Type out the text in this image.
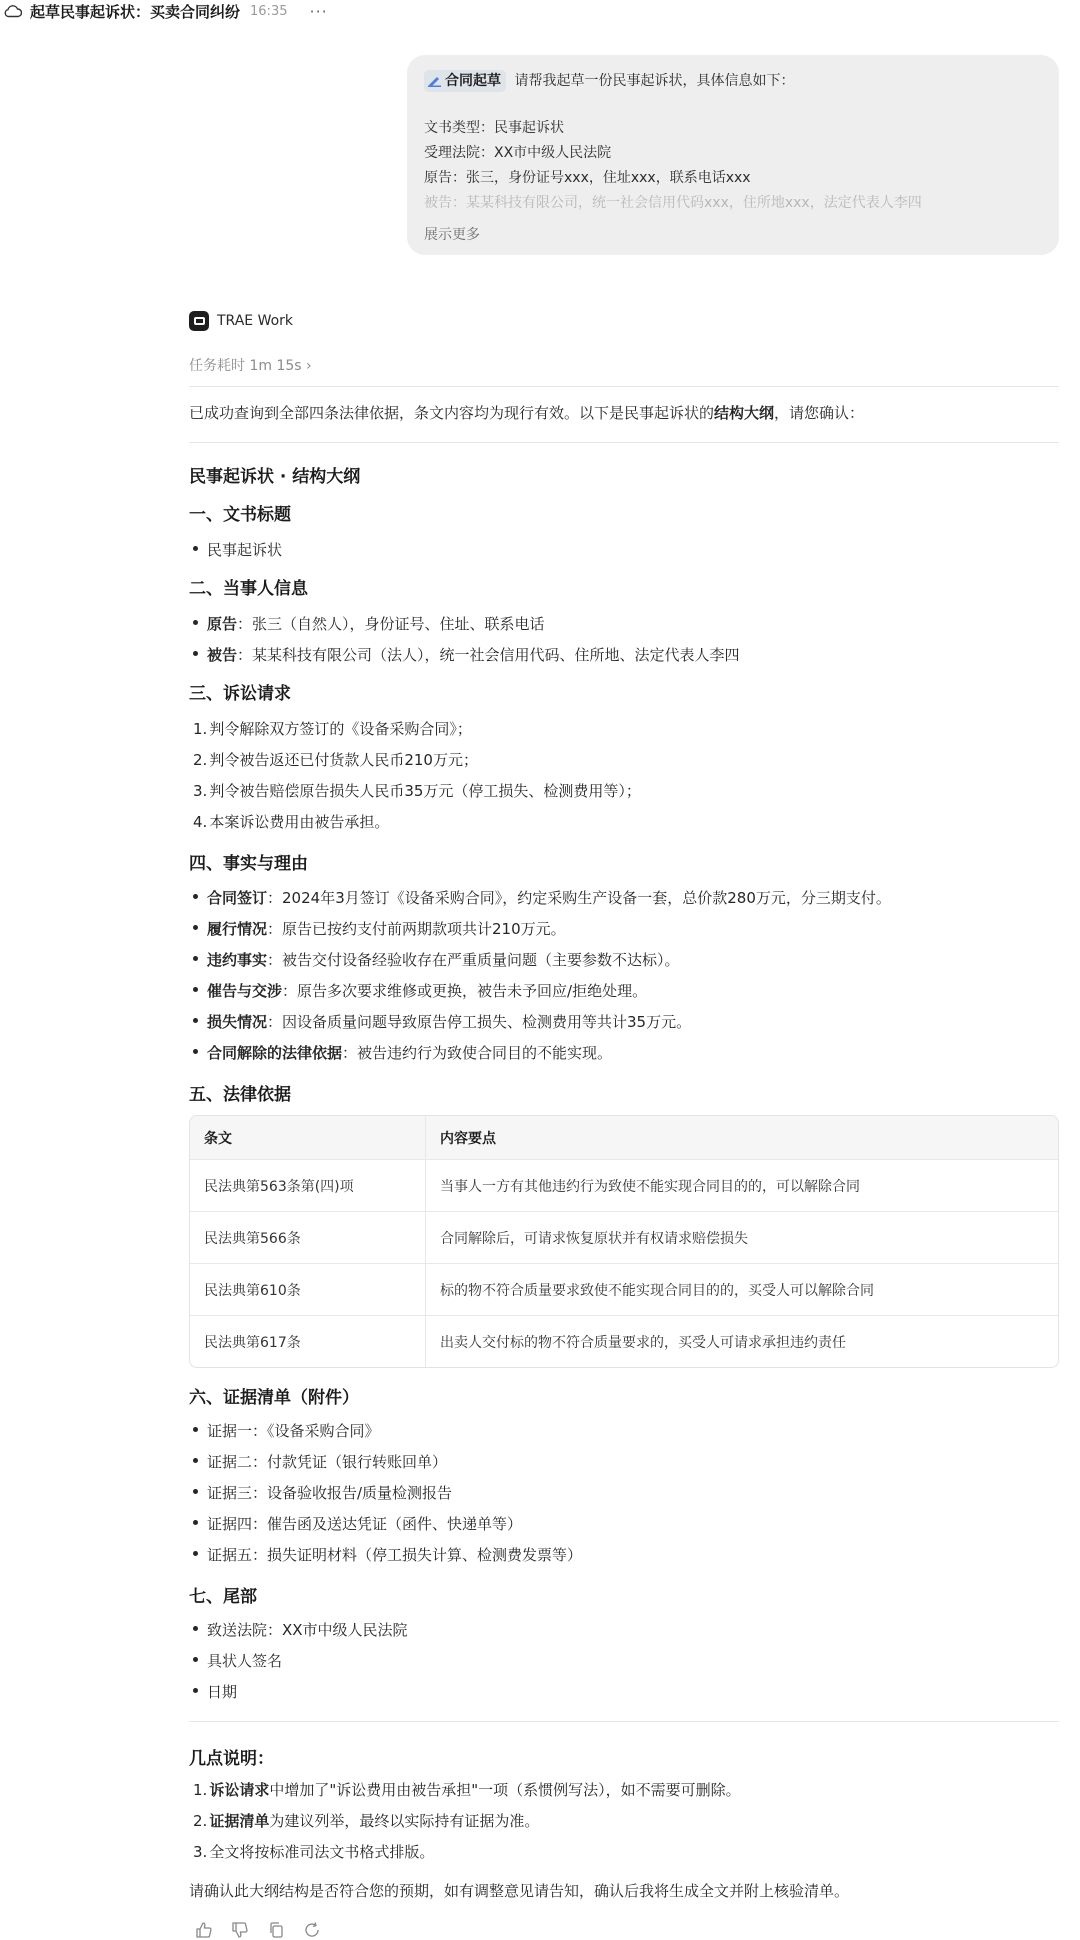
起草民事起诉状：买卖合同纠纷 16:35 ···
合同起草 请帮我起草一份民事起诉状，具体信息如下：
文书类型：民事起诉状
受理法院：XX市中级人民法院
原告：张三，身份证号xxx，住址xxx，联系电话xxx
被告：某某科技有限公司，统一社会信用代码xxx，住所地xxx，法定代表人李四
展示更多
TRAE Work
任务耗时 1m 15s ›
已成功查询到全部四条法律依据，条文内容均为现行有效。以下是民事起诉状的结构大纲，请您确认：
民事起诉状 · 结构大纲
一、文书标题
民事起诉状
二、当事人信息
原告：张三（自然人），身份证号、住址、联系电话
被告：某某科技有限公司（法人），统一社会信用代码、住所地、法定代表人李四
三、诉讼请求
1. 判令解除双方签订的《设备采购合同》；
2. 判令被告返还已付货款人民币210万元；
3. 判令被告赔偿原告损失人民币35万元（停工损失、检测费用等）；
4. 本案诉讼费用由被告承担。
四、事实与理由
合同签订：2024年3月签订《设备采购合同》，约定采购生产设备一套，总价款280万元，分三期支付。
履行情况：原告已按约支付前两期款项共计210万元。
违约事实：被告交付设备经验收存在严重质量问题（主要参数不达标）。
催告与交涉：原告多次要求维修或更换，被告未予回应/拒绝处理。
损失情况：因设备质量问题导致原告停工损失、检测费用等共计35万元。
合同解除的法律依据：被告违约行为致使合同目的不能实现。
五、法律依据
条文	内容要点
民法典第563条第(四)项	当事人一方有其他违约行为致使不能实现合同目的的，可以解除合同
民法典第566条	合同解除后，可请求恢复原状并有权请求赔偿损失
民法典第610条	标的物不符合质量要求致使不能实现合同目的的，买受人可以解除合同
民法典第617条	出卖人交付标的物不符合质量要求的，买受人可请求承担违约责任
六、证据清单（附件）
证据一：《设备采购合同》
证据二：付款凭证（银行转账回单）
证据三：设备验收报告/质量检测报告
证据四：催告函及送达凭证（函件、快递单等）
证据五：损失证明材料（停工损失计算、检测费发票等）
七、尾部
致送法院：XX市中级人民法院
具状人签名
日期
几点说明：
1. 诉讼请求中增加了"诉讼费用由被告承担"一项（系惯例写法），如不需要可删除。
2. 证据清单为建议列举，最终以实际持有证据为准。
3. 全文将按标准司法文书格式排版。
请确认此大纲结构是否符合您的预期，如有调整意见请告知，确认后我将生成全文并附上核验清单。
